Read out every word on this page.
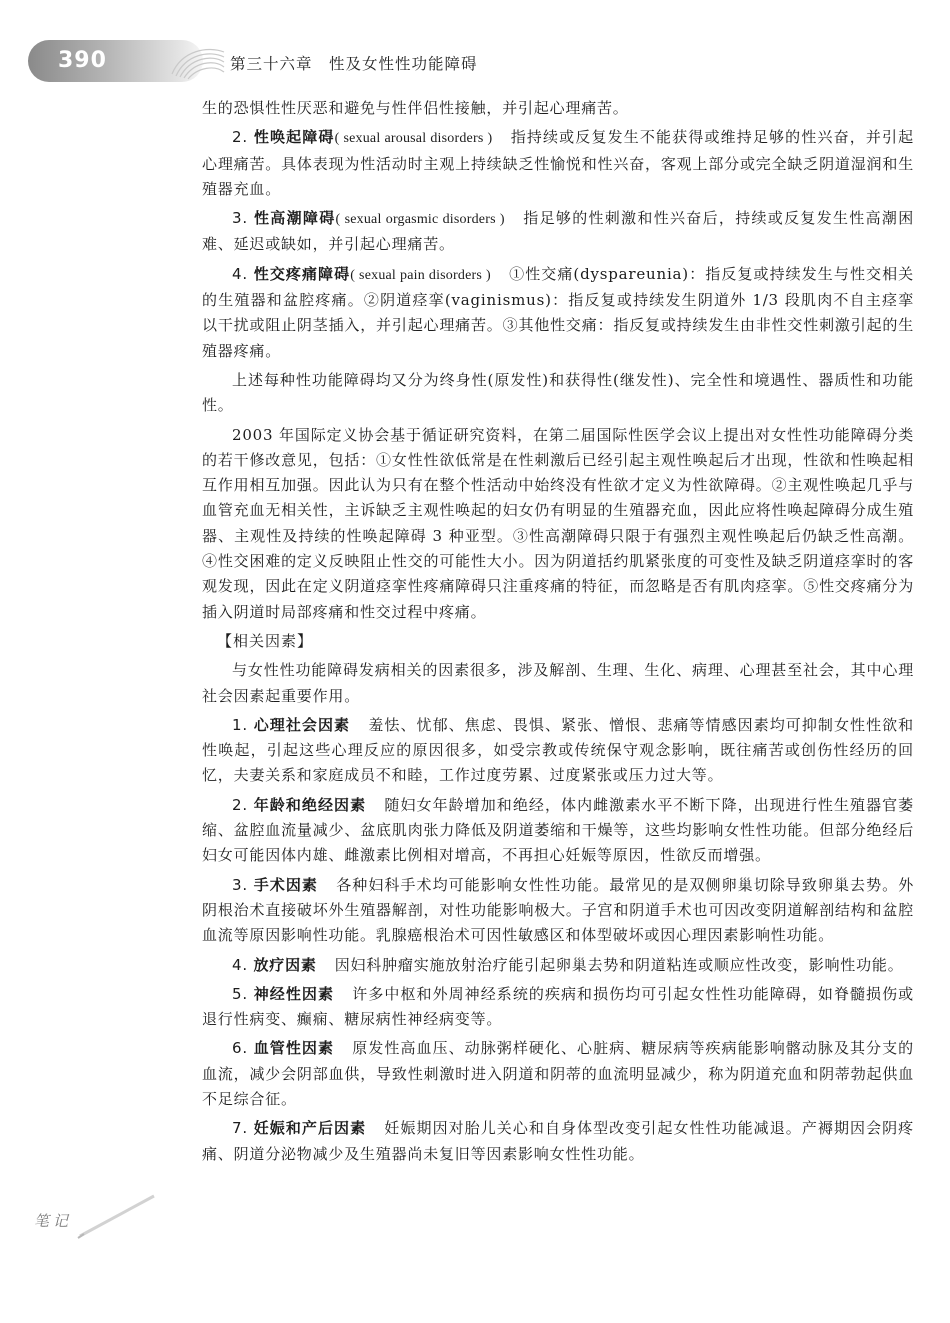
390	第三十六章　性及女性性功能障碍

生的恐惧性性厌恶和避免与性伴侣性接触，并引起心理痛苦。

2. 性唤起障碍( sexual arousal disorders ) 指持续或反复发生不能获得或维持足够的性兴奋，并引起心理痛苦。具体表现为性活动时主观上持续缺乏性愉悦和性兴奋，客观上部分或完全缺乏阴道湿润和生殖器充血。

3. 性高潮障碍( sexual orgasmic disorders ) 指足够的性刺激和性兴奋后，持续或反复发生性高潮困难、延迟或缺如，并引起心理痛苦。

4. 性交疼痛障碍( sexual pain disorders ) ①性交痛(dyspareunia)：指反复或持续发生与性交相关的生殖器和盆腔疼痛。②阴道痉挛(vaginismus)：指反复或持续发生阴道外 1/3 段肌肉不自主痉挛以干扰或阻止阴茎插入，并引起心理痛苦。③其他性交痛：指反复或持续发生由非性交性刺激引起的生殖器疼痛。

上述每种性功能障碍均又分为终身性(原发性)和获得性(继发性)、完全性和境遇性、器质性和功能性。

2003 年国际定义协会基于循证研究资料，在第二届国际性医学会议上提出对女性性功能障碍分类的若干修改意见，包括：①女性性欲低常是在性刺激后已经引起主观性唤起后才出现，性欲和性唤起相互作用相互加强。因此认为只有在整个性活动中始终没有性欲才定义为性欲障碍。②主观性唤起几乎与血管充血无相关性，主诉缺乏主观性唤起的妇女仍有明显的生殖器充血，因此应将性唤起障碍分成生殖器、主观性及持续的性唤起障碍 3 种亚型。③性高潮障碍只限于有强烈主观性唤起后仍缺乏性高潮。④性交困难的定义反映阻止性交的可能性大小。因为阴道括约肌紧张度的可变性及缺乏阴道痉挛时的客观发现，因此在定义阴道痉挛性疼痛障碍只注重疼痛的特征，而忽略是否有肌肉痉挛。⑤性交疼痛分为插入阴道时局部疼痛和性交过程中疼痛。

【相关因素】

与女性性功能障碍发病相关的因素很多，涉及解剖、生理、生化、病理、心理甚至社会，其中心理社会因素起重要作用。

1. 心理社会因素 羞怯、忧郁、焦虑、畏惧、紧张、憎恨、悲痛等情感因素均可抑制女性性欲和性唤起，引起这些心理反应的原因很多，如受宗教或传统保守观念影响，既往痛苦或创伤性经历的回忆，夫妻关系和家庭成员不和睦，工作过度劳累、过度紧张或压力过大等。

2. 年龄和绝经因素 随妇女年龄增加和绝经，体内雌激素水平不断下降，出现进行性生殖器官萎缩、盆腔血流量减少、盆底肌肉张力降低及阴道萎缩和干燥等，这些均影响女性性功能。但部分绝经后妇女可能因体内雄、雌激素比例相对增高，不再担心妊娠等原因，性欲反而增强。

3. 手术因素 各种妇科手术均可能影响女性性功能。最常见的是双侧卵巢切除导致卵巢去势。外阴根治术直接破坏外生殖器解剖，对性功能影响极大。子宫和阴道手术也可因改变阴道解剖结构和盆腔血流等原因影响性功能。乳腺癌根治术可因性敏感区和体型破坏或因心理因素影响性功能。

4. 放疗因素 因妇科肿瘤实施放射治疗能引起卵巢去势和阴道粘连或顺应性改变，影响性功能。

5. 神经性因素 许多中枢和外周神经系统的疾病和损伤均可引起女性性功能障碍，如脊髓损伤或退行性病变、癫痫、糖尿病性神经病变等。

6. 血管性因素 原发性高血压、动脉粥样硬化、心脏病、糖尿病等疾病能影响髂动脉及其分支的血流，减少会阴部血供，导致性刺激时进入阴道和阴蒂的血流明显减少，称为阴道充血和阴蒂勃起供血不足综合征。

7. 妊娠和产后因素 妊娠期因对胎儿关心和自身体型改变引起女性性功能减退。产褥期因会阴疼痛、阴道分泌物减少及生殖器尚未复旧等因素影响女性性功能。

笔记
